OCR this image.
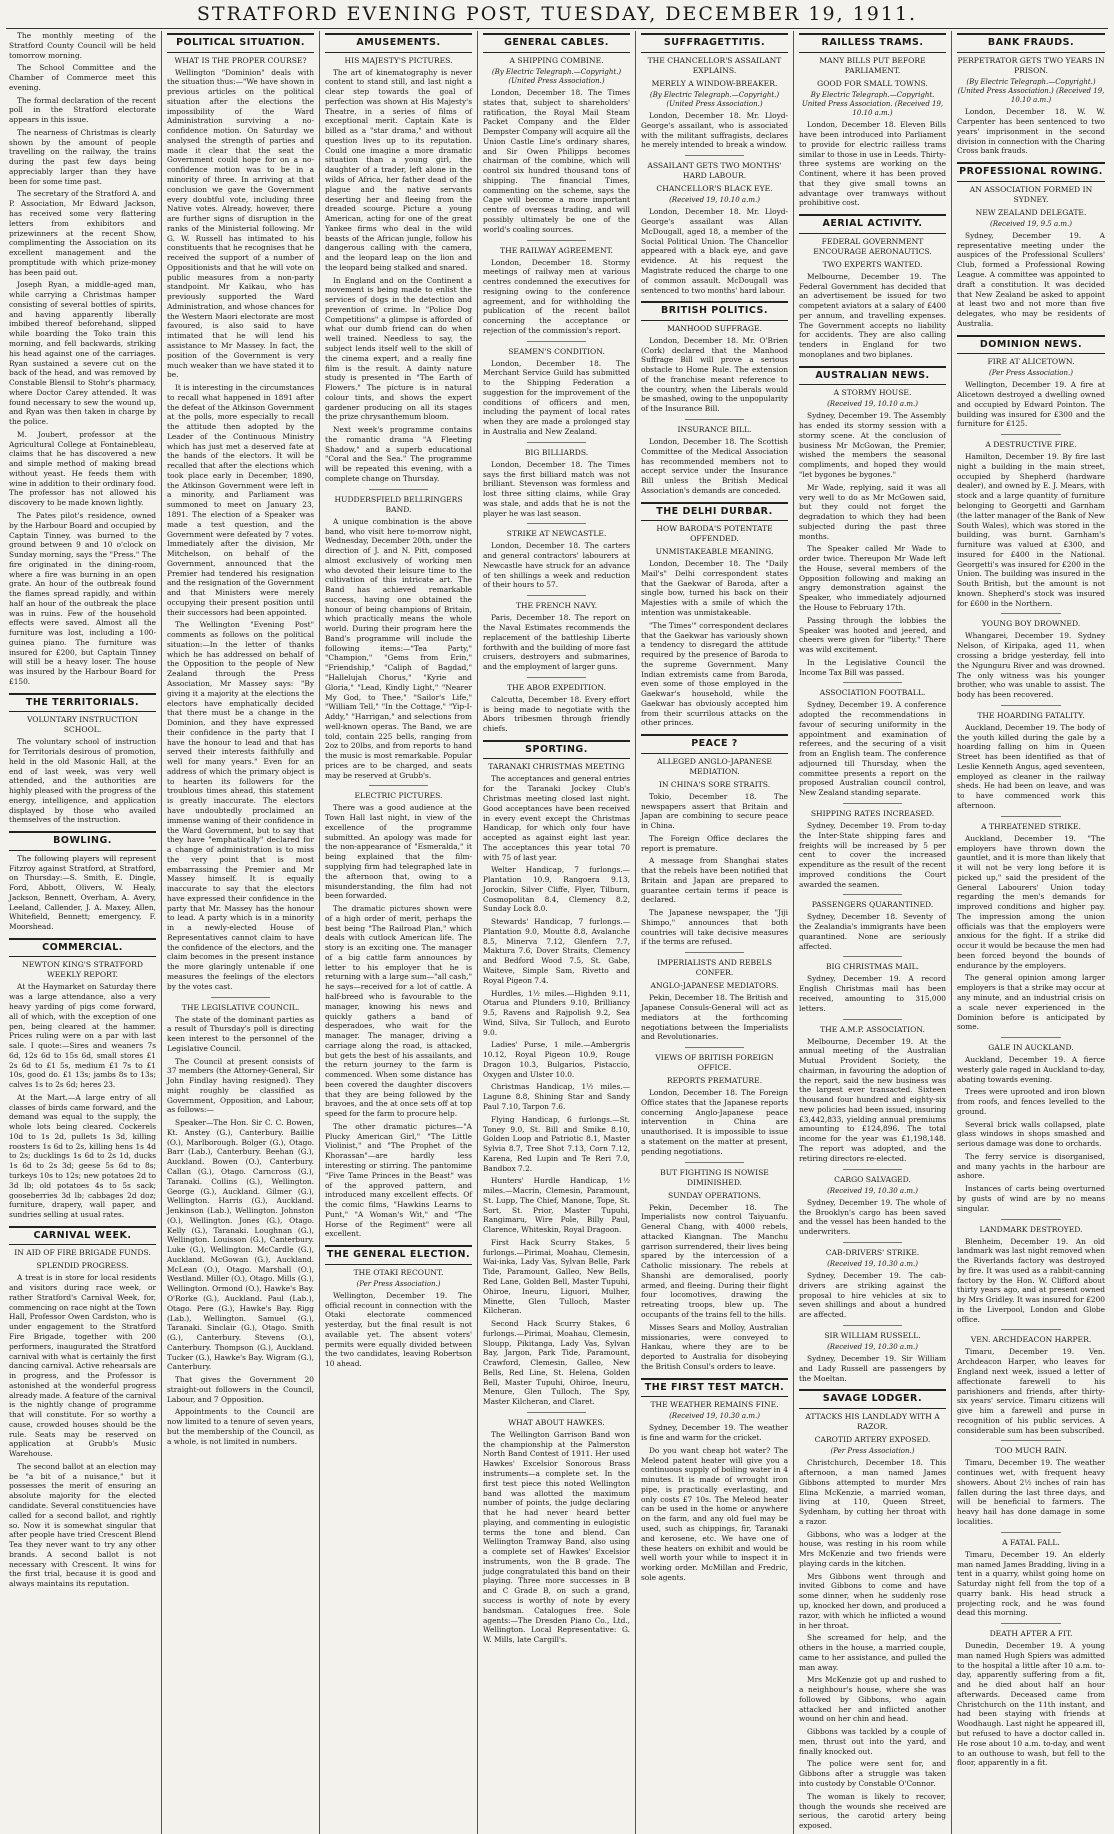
STRATFORD EVENING POST, TUESDAY, DECEMBER 19, 1911.

The monthly meeting of the Stratford County Council will be held tomorrow morning.

The School Committee and the Chamber of Commerce meet this evening.

The formal declaration of the recent poll in the Stratford electorate appears in this issue.

The nearness of Christmas is clearly shown by the amount of people travelling on the railway, the trains during the past few days being appreciably larger than they have been for some time past.

The secretary of the Stratford A. and P. Association, Mr Edward Jackson, has received some very flattering letters from exhibitors and prizewinners at the recent Show, complimenting the Association on its excellent management and the promptitude with which prize-money has been paid out.

Joseph Ryan, a middle-aged man, while carrying a Christmas hamper consisting of several bottles of spirits, and having apparently liberally imbibed thereof beforehand, slipped while boarding the Toko train this morning, and fell backwards, striking his head against one of the carriages. Ryan sustained a severe cut on the back of the head, and was removed by Constable Blensil to Stohr's pharmacy, where Doctor Carey attended. It was found necessary to sew the wound up, and Ryan was then taken in charge by the police.

M. Joubert, professor at the Agricultural College at Fontainebleau, claims that he has discovered a new and simple method of making bread without yeast. He feeds them with wine in addition to their ordinary food. The professor has not allowed his discovery to be made known lightly.

The Pates pilot's residence, owned by the Harbour Board and occupied by Captain Tinney, was burned to the ground between 9 and 10 o'clock on Sunday morning, says the "Press." The fire originated in the dining-room, where a fire was burning in an open grate. An hour of the outbreak found the flames spread rapidly, and within half an hour of the outbreak the place was in ruins. Few of the household effects were saved. Almost all the furniture was lost, including a 100-guinea piano. The furniture was insured for £200, but Captain Tinney will still be a heavy loser. The house was insured by the Harbour Board for £150.

THE TERRITORIALS.
VOLUNTARY INSTRUCTION SCHOOL.

The voluntary school of instruction for Territorials desirous of promotion, held in the old Masonic Hall, at the end of last week, was very well attended, and the authorities are highly pleased with the progress of the energy, intelligence, and application displayed by those who availed themselves of the instruction.

BOWLING.

The following players will represent Fitzroy against Stratford, at Stratford, on Thursday:—S. Smith, E. Dingle, Ford, Abbott, Olivers, W. Healy, Jackson, Bennett, Overham, A. Avery, Leeland, Callender, J. A. Maxey, Allen, Whitefield, Bennett; emergency, F. Moorshead.

COMMERCIAL.
NEWTON KING'S STRATFORD WEEKLY REPORT.

At the Haymarket on Saturday there was a large attendance, also a very heavy yarding of pigs come forward, all of which, with the exception of one pen, being cleared at the hammer. Prices ruling were on a par with last sale. I quote:—Sires and weaners 7s 6d, 12s 6d to 15s 6d, small stores £1 2s 6d to £1 5s, medium £1 7s to £1 10s, good do. £1 13s; jambs 8s to 13s; calves 1s to 2s 6d; heres 23.

At the Mart.—A large entry of all classes of birds came forward, and the demand was equal to the supply, the whole lots being cleared. Cockerels 10d to 1s 2d, pullets 1s 3d, killing roosters 1s 6d to 2s, killing hens 1s 4d to 2s; ducklings 1s 6d to 2s 1d, ducks 1s 6d to 2s 3d; geese 5s 6d to 8s; turkeys 10s to 12s; new potatoes 2d to 3d lb; old potatoes 4s to 5s sack; gooseberries 3d lb; cabbages 2d doz; furniture, drapery, wall paper, and sundries selling at usual rates.

CARNIVAL WEEK.
IN AID OF FIRE BRIGADE FUNDS.
SPLENDID PROGRESS.

A treat is in store for local residents and visitors during race week, or rather Stratford's Carnival Week, for, commencing on race night at the Town Hall, Professor Owen Cardston, who is under engagement to the Stratford Fire Brigade, together with 200 performers, inaugurated the Stratford carnival with what is certainly the first dancing carnival. Active rehearsals are in progress, and the Professor is astonished at the wonderful progress already made. A feature of the carnival is the nightly change of programme that will constitute. For so worthy a cause, crowded houses should be the rule. Seats may be reserved on application at Grubb's Music Warehouse.

The second ballot at an election may be "a bit of a nuisance," but it possesses the merit of ensuring an absolute majority for the elected candidate. Several constituencies have called for a second ballot, and rightly so. Now it is somewhat singular that after people have tried Crescent Blend Tea they never want to try any other brands. A second ballot is not necessary with Crescent. It wins for the first trial, because it is good and always maintains its reputation.

POLITICAL SITUATION.
WHAT IS THE PROPER COURSE?

Wellington "Dominion" deals with the situation thus:—"We have shown in previous articles on the political situation after the elections the impossibility of the Ward Administration surviving a no-confidence motion. On Saturday we analysed the strength of parties and made it clear that the seat the Government could hope for on a no-confidence motion was to be in a minority of three. In arriving at that conclusion we gave the Government every doubtful vote, including three Native votes. Already, however, there are further signs of disruption in the ranks of the Ministerial following. Mr G. W. Russell has intimated to his constituents that he recognises that he received the support of a number of Oppositionists and that he will vote on public measures from a non-party standpoint. Mr Kaikau, who has previously supported the Ward Administration, and whose chances for the Western Maori electorate are most favoured, is also said to have intimated that he will lend his assistance to Mr Massey. In fact, the position of the Government is very much weaker than we have stated it to be.

It is interesting in the circumstances to recall what happened in 1891 after the defeat of the Atkinson Government at the polls, more especially to recall the attitude then adopted by the Leader of the Continuous Ministry which has just met a deserved fate at the hands of the electors. It will be recalled that after the elections which took place early in December, 1890, the Atkinson Government were left in a minority, and Parliament was summoned to meet on January 23, 1891. The election of a Speaker was made a test question, and the Government were defeated by 7 votes. Immediately after the division, Mr Mitchelson, on behalf of the Government, announced that the Premier had tendered his resignation and the resignation of the Government and that Ministers were merely occupying their present position until their successors had been appointed.

The Wellington "Evening Post" comments as follows on the political situation:—In the letter of thanks which he has addressed on behalf of the Opposition to the people of New Zealand through the Press Association, Mr Massey says: "By giving it a majority at the elections the electors have emphatically decided that there must be a change in the Dominion, and they have expressed their confidence in the party that I have the honour to lead and that has served their interests faithfully and well for many years." Even for an address of which the primary object is to hearten its followers for the troublous times ahead, this statement is greatly inaccurate. The electors have undoubtedly proclaimed an immense waning of their confidence in the Ward Government, but to say that they have "emphatically" declared for a change of administration is to miss the very point that is most embarrassing the Premier and Mr Massey himself. It is equally inaccurate to say that the electors have expressed their confidence in the party that Mr. Massey has the honour to lead. A party which is in a minority in a newly-elected House of Representatives cannot claim to have the confidence of the electors, and the claim becomes in the present instance the more glaringly untenable if one measures the feelings of the electors by the votes cast.

THE LEGISLATIVE COUNCIL.

The state of the dominant parties as a result of Thursday's poll is directing keen interest to the personnel of the Legislative Council.

The Council at present consists of 37 members (the Attorney-General, Sir John Findlay having resigned). They might roughly be classified as Government, Opposition, and Labour, as follows:—

Speaker—The Hon. Sir C. C. Bowen, Kt. Anstey (G.), Canterbury. Baillie (O.), Marlborough. Bolger (G.), Otago. Barr (Lab.), Canterbury. Beehan (G.), Auckland. Bowen (O.), Canterbury. Callan (G.), Otago. Carncross (G.), Taranaki. Collins (G.), Wellington. George (G.), Auckland. Gilmer (G.), Wellington. Harris (G.), Auckland. Jenkinson (Lab.), Wellington. Johnston (O.), Wellington. Jones (G.), Otago. Kelly (G.), Taranaki. Loughnan (G.), Wellington. Louisson (G.), Canterbury. Luke (G.), Wellington. McCardle (G.), Auckland. McGowan (G.), Auckland. McLean (O.), Otago. Marshall (O.), Westland. Miller (O.), Otago. Mills (G.), Wellington. Ormond (O.), Hawke's Bay. O'Rorke (G.), Auckland. Paul (Lab.), Otago. Pere (G.), Hawke's Bay. Rigg (Lab.), Wellington. Samuel (G.), Taranaki. Sinclair (G.), Otago. Smith (G.), Canterbury. Stevens (O.), Canterbury. Thompson (G.), Auckland. Tucker (G.), Hawke's Bay. Wigram (G.), Canterbury.

That gives the Government 20 straight-out followers in the Council, Labour, and 7 Opposition.

Appointments to the Council are now limited to a tenure of seven years, but the membership of the Council, as a whole, is not limited in numbers.

AMUSEMENTS.
HIS MAJESTY'S PICTURES.

The art of kinematography is never content to stand still, and last night a clear step towards the goal of perfection was shown at His Majesty's Theatre, in a series of films of exceptional merit. Captain Kate is billed as a "star drama," and without question lives up to its reputation. Could one imagine a more dramatic situation than a young girl, the daughter of a trader, left alone in the wilds of Africa, her father dead of the plague and the native servants deserting her and fleeing from the dreaded scourge. Picture a young American, acting for one of the great Yankee firms who deal in the wild beasts of the African jungle, follow his dangerous calling with the camera, and the leopard leap on the lion and the leopard being stalked and snared.

In England and on the Continent a movement is being made to enlist the services of dogs in the detection and prevention of crime. In "Police Dog Competitions" a glimpse is afforded of what our dumb friend can do when well trained. Needless to say, the subject lends itself well to the skill of the cinema expert, and a really fine film is the result. A dainty nature study is presented in "The Earth of Flowers." The picture is in natural colour tints, and shows the expert gardener producing on all its stages the prize chrysanthemum bloom.

Next week's programme contains the romantic drama "A Fleeting Shadow," and a superb educational "Coral and the Sea." The programme will be repeated this evening, with a complete change on Thursday.

HUDDERSFIELD BELLRINGERS BAND.

A unique combination is the above band, who visit here to-morrow night, Wednesday, December 20th, under the direction of J. and N. Pitt, composed almost exclusively of working men who devoted their leisure time to the cultivation of this intricate art. The Band has achieved remarkable success, having one obtained the honour of being champions of Britain, which practically means the whole world. During their program here the Band's programme will include the following items:—"Tea Party," "Champion," "Gems from Erin," "Friendship," "Caliph of Bagdad," "Hallelujah Chorus," "Kyrie and Gloria," "Lead, Kindly Light," "Nearer My God, to Thee," "Sailor's Life," "William Tell," "In the Cottage," "Yip-I-Addy," "Harrigan," and selections from well-known operas. The Band, we are told, contain 225 bells, ranging from 2oz to 20lbs, and from reports to hand the music is most remarkable. Popular prices are to be charged, and seats may be reserved at Grubb's.

ELECTRIC PICTURES.

There was a good audience at the Town Hall last night, in view of the excellence of the programme submitted. An apology was made for the non-appearance of "Esmeralda," it being explained that the film-supplying firm had telegraphed late in the afternoon that, owing to a misunderstanding, the film had not been forwarded.

The dramatic pictures shown were of a high order of merit, perhaps the best being "The Railroad Plan," which deals with cutlock American life. The story is an exciting one. The manager of a big cattle farm announces by letter to his employer that he is returning with a large sum—"all cash," he says—received for a lot of cattle. A half-breed who is favourable to the manager, knowing his news and quickly gathers a band of desperadoes, who wait for the manager. The manager, driving a carriage along the road, is attacked, but gets the best of his assailants, and the return journey to the farm is commenced. When some distance has been covered the daughter discovers that they are being followed by the bravoes, and the at once sets off at top speed for the farm to procure help.

The other dramatic pictures—"A Plucky American Girl," "The Little Violinist," and "The Prophet of the Khorassan"—are hardly less interesting or stirring. The pantomime "Five Tame Princes in the Beast" was of the approved pattern, and introduced many excellent effects. Of the comic films, "Hawkins Learns to Punt," "A Woman's Wit," and "The Horse of the Regiment" were all excellent.

THE GENERAL ELECTION.
THE OTAKI RECOUNT.
(Per Press Association.)

Wellington, December 19. The official recount in connection with the Otaki electorate commenced yesterday, but the final result is not available yet. The absent voters' permits were equally divided between the two candidates, leaving Robertson 10 ahead.

GENERAL CABLES.
A SHIPPING COMBINE.
(By Electric Telegraph.—Copyright.) (United Press Association.)

London, December 18. The Times states that, subject to shareholders' ratification, the Royal Mail Steam Packet Company and the Elder Dempster Company will acquire all the Union Castle Line's ordinary shares, and Sir Owen Philipps becomes chairman of the combine, which will control six hundred thousand tons of shipping. The financial Times, commenting on the scheme, says the Cape will become a more important centre of overseas trading, and will possibly ultimately be one of the world's coaling sources.

THE RAILWAY AGREEMENT.

London, December 18. Stormy meetings of railway men at various centres condemned the executives for resigning owing to the conference agreement, and for withholding the publication of the recent ballot concerning the acceptance or rejection of the commission's report.

SEAMEN'S CONDITION.

London, December 18. The Merchant Service Guild has submitted to the Shipping Federation a suggestion for the improvement of the conditions of officers and men, including the payment of local rates when they are made a prolonged stay in Australia and New Zealand.

BIG BILLIARDS.

London, December 18. The Times says the first billiard match was not brilliant. Stevenson was formless and lost three sitting claims, while Gray was stale, and adds that he is not the player he was last season.

STRIKE AT NEWCASTLE.

London, December 18. The carters and general contractors' labourers at Newcastle have struck for an advance of ten shillings a week and reduction of their hours to 57.

THE FRENCH NAVY.

Paris, December 18. The report on the Naval Estimates recommends the replacement of the battleship Liberte forthwith and the building of more fast cruisers, destroyers and submarines, and the employment of larger guns.

THE ABOR EXPEDITION.

Calcutta, December 18. Every effort is being made to negotiate with the Abors tribesmen through friendly chiefs.

SPORTING.
TARANAKI CHRISTMAS MEETING

The acceptances and general entries for the Taranaki Jockey Club's Christmas meeting closed last night. Good acceptances have been received in every event except the Christmas Handicap, for which only four have accepted as against eight last year. The acceptances this year total 70 with 75 of last year.

Welter Handicap, 7 furlongs.—Plantation 10.9, Rangoera 9.13, Jorockin, Silver Cliffe, Flyer, Tilburn, Cosmopolitan 8.4, Clemency 8.2, Sunday Lock 8.0.

Stewards' Handicap, 7 furlongs.—Plantation 9.0, Moutte 8.8, Avalanche 8.5, Minerva 7.12, Glenfern 7.7, Maktura 7.6, Dover Straits, Clemency and Bedford Wood 7.5, St. Gabe, Waiteve, Simple Sam, Rivetto and Royal Pigeon 7.4.

Hurdles, 1½ miles.—Highden 9.11, Otarua and Plunders 9.10, Brilliancy 9.5, Ravens and Rajpolish 9.2, Sea Wind, Silva, Sir Tulloch, and Euroto 9.0.

Ladies' Purse, 1 mile.—Ambergris 10.12, Royal Pigeon 10.9, Rouge Dragon 10.3, Bulgarios, Pistaccio, Oxygen and Ulster 10.0.

Christmas Handicap, 1½ miles.—Lagune 8.8, Shining Star and Sandy Paul 7.10, Tarpon 7.6.

Flying Handicap, 6 furlongs.—St. Toney 9.0, St. Bill and Smike 8.10, Golden Loop and Patriotic 8.1, Master Sylvia 8.7, Tree Shot 7.13, Corn 7.12, Karena, Red Lupin and Te Reri 7.0, Bandbox 7.2.

Hunters' Hurdle Handicap, 1½ miles.—Macrin, Clemesin, Paramount, St. Lupp, The Chief, Manone, Tope, St. Sort, St. Prior, Master Tupuhi, Rangimaru, Wire Pole, Billy Paul, Clarence, Whiteskin, Royal Dragoon.

First Hack Scurry Stakes, 5 furlongs.—Pirimai, Moahau, Clemesin, Wai-inka, Lady Vas, Sylvan Belle, Park Tide, Paramount, Galleo, New Bells, Red Lane, Golden Bell, Master Tupuhi, Ohiroe, Ineuru, Liguori, Mulher, Minette, Glen Tulloch, Master Kilcheran.

Second Hack Scurry Stakes, 6 furlongs.—Pirimai, Moahau, Clemesin, Sloupp, Pikitanga, Lady Vas, Sylvan Bay, Jargon, Park Tide, Paramount, Crawford, Clemesin, Galleo, New Bells, Red Line, St. Helena, Golden Bell, Master Tupuhi, Ohiroe, Ineuru, Menure, Glen Tulloch, The Spy, Master Kilcheran, and Claret.

WHAT ABOUT HAWKES.

The Wellington Garrison Band won the championship at the Palmerston North Band Contest of 1911. Her used Hawkes' Excelsior Sonorous Brass instruments—a complete set. In the first test piece this noted Wellington band was allotted the maximum number of points, the judge declaring that he had never heard better playing, and commenting in eulogistic terms the tone and blend. Can Wellington Tramway Band, also using a complete set of Hawkes' Excelsior instruments, won the B grade. The judge congratulated this band on their playing. Three more successes in B and C Grade B, on such a grand, success is worthy of note by every bandsman. Catalogues free. Sole agents:—The Dresden Piano Co., Ltd., Wellington. Local Representative: G. W. Mills, late Cargill's.

SUFFRAGETTITIS.
THE CHANCELLOR'S ASSAILANT EXPLAINS.
MERELY A WINDOW-BREAKER.
(By Electric Telegraph.—Copyright.) (United Press Association.)

London, December 18. Mr. Lloyd-George's assailant, who is associated with the militant suffragists, declares he merely intended to break a window.

ASSAILANT GETS TWO MONTHS' HARD LABOUR.
CHANCELLOR'S BLACK EYE.
(Received 19, 10.10 a.m.)

London, December 18. Mr. Lloyd-George's assailant was Allan McDougall, aged 18, a member of the Social Political Union. The Chancellor appeared with a black eye, and gave evidence. At his request the Magistrate reduced the charge to one of common assault. McDougall was sentenced to two months' hard labour.

BRITISH POLITICS.
MANHOOD SUFFRAGE.

London, December 18. Mr. O'Brien (Cork) declared that the Manhood Suffrage Bill will prove a serious obstacle to Home Rule. The extension of the franchise meant reference to the country, when the Liberals would be smashed, owing to the unpopularity of the Insurance Bill.

INSURANCE BILL.

London, December 18. The Scottish Committee of the Medical Association has recommended members not to accept service under the Insurance Bill unless the British Medical Association's demands are conceded.

THE DELHI DURBAR.
HOW BARODA'S POTENTATE OFFENDED.
UNMISTAKEABLE MEANING.

London, December 18. The "Daily Mail's" Delhi correspondent states that the Gaekwar of Baroda, after a single bow, turned his back on their Majesties with a smile of which the intention was unmistakeable.

"The Times'" correspondent declares that the Gaekwar has variously shown a tendency to disregard the attitude required by the presence of Baroda to the supreme Government. Many Indian extremists came from Baroda, even some of those employed in the Gaekwar's household, while the Gaekwar has obviously accepted him from their scurrilous attacks on the other princes.

PEACE ?
ALLEGED ANGLO-JAPANESE MEDIATION.
IN CHINA'S SORE STRAITS.

Tokio, December 18. The newspapers assert that Britain and Japan are combining to secure peace in China.

The Foreign Office declares the report is premature.

A message from Shanghai states that the rebels have been notified that Britain and Japan are prepared to guarantee certain terms if peace is declared.

The Japanese newspaper, the "Jiji Shimpo," announces that both countries will take decisive measures if the terms are refused.

IMPERIALISTS AND REBELS CONFER.
ANGLO-JAPANESE MEDIATORS.

Pekin, December 18. The British and Japanese Consuls-General will act as mediators at the forthcoming negotiations between the Imperialists and Revolutionaries.

VIEWS OF BRITISH FOREIGN OFFICE.
REPORTS PREMATURE.

London, December 18. The Foreign Office states that the Japanese reports concerning Anglo-Japanese peace intervention in China are unauthorised. It is impossible to issue a statement on the matter at present, pending negotiations.

BUT FIGHTING IS NOWISE DIMINISHED.
SUNDAY OPERATIONS.

Pekin, December 18. The Imperialists now control Taiyuanfu. General Chang, with 4000 rebels, attacked Kiangnan. The Manchu garrison surrendered, their lives being spared by the intercession of a Catholic missionary. The rebels at Shanshi are demoralised, poorly armed, and fleeing. During their flight four locomotives, drawing the retreating troops, blew up. The occupants of the trains fell to the hills.

Misses Sears and Molloy, Australian missionaries, were conveyed to Hankau, where they are to be deported to Australia for disobeying the British Consul's orders to leave.

THE FIRST TEST MATCH.
THE WEATHER REMAINS FINE.
(Received 19, 10.30 a.m.)

Sydney, December 19. The weather is fine and warm for the cricket.

Do you want cheap hot water? The Meleod patent heater will give you a continuous supply of boiling water in 4 minutes. It is made of wrought iron pipe, is practically everlasting, and only costs £7 10s. The Meleod heater can be used in the home or anywhere on the farm, and any old fuel may be used, such as chippings, fir, Taranaki and kerosene, etc. We have one of these heaters on exhibit and would be well worth your while to inspect it in working order. McMillan and Fredric, sole agents.

RAILLESS TRAMS.
MANY BILLS PUT BEFORE PARLIAMENT.
GOOD FOR SMALL TOWNS.
By Electric Telegraph.—Copyright. United Press Association. (Received 19, 10.10 a.m.)

London, December 18. Eleven Bills have been introduced into Parliament to provide for electric railless trams similar to those in use in Leeds. Thirty-three systems are working on the Continent, where it has been proved that they give small towns an advantage over tramways without prohibitive cost.

AERIAL ACTIVITY.
FEDERAL GOVERNMENT ENCOURAGE AERONAUTICS.
TWO EXPERTS WANTED.

Melbourne, December 19. The Federal Government has decided that an advertisement be issued for two competent aviators at a salary of £400 per annum, and travelling expenses. The Government accepts no liability for accidents. They are also calling tenders in England for two monoplanes and two biplanes.

AUSTRALIAN NEWS.
A STORMY HOUSE.
(Received 19, 10.10 a.m.)

Sydney, December 19. The Assembly has ended its stormy session with a stormy scene. At the conclusion of business Mr McGowan, the Premier, wished the members the seasonal compliments, and hoped they would "let bygones be bygones."

Mr Wade, replying, said it was all very well to do as Mr McGowen said, but they could not forget the degradation to which they had been subjected during the past three months.

The Speaker called Mr Wade to order twice. Thereupon Mr Wade left the House, several members of the Opposition following and making an angry demonstration against the Speaker, who immediately adjourned the House to February 17th.

Passing through the lobbies the Speaker was hooted and jeered, and cheers were given for "liberty." There was wild excitement.

In the Legislative Council the Income Tax Bill was passed.

ASSOCIATION FOOTBALL.

Sydney, December 19. A conference adopted the recommendations in favour of securing uniformity in the appointment and examination of referees, and the securing of a visit from an English team. The conference adjourned till Thursday, when the committee presents a report on the proposed Australian council control, New Zealand standing separate.

SHIPPING RATES INCREASED.

Sydney, December 19. From to-day the Inter-State shipping fares and freights will be increased by 5 per cent to cover the increased expenditure as the result of the recent improved conditions the Court awarded the seamen.

PASSENGERS QUARANTINED.

Sydney, December 18. Seventy of the Zealandia's immigrants have been quarantined. None are seriously affected.

BIG CHRISTMAS MAIL.

Sydney, December 19. A record English Christmas mail has been received, amounting to 315,000 letters.

THE A.M.P. ASSOCIATION.

Melbourne, December 19. At the annual meeting of the Australian Mutual Provident Society, the chairman, in favouring the adoption of the report, said the new business was the largest ever transacted. Sixteen thousand four hundred and eighty-six new policies had been issued, insuring £3,442,833, yielding annual premiums amounting to £124,896. The total income for the year was £1,198,148. The report was adopted, and the retiring directors re-elected.

CARGO SALVAGED.
(Received 19, 10.30 a.m.)

Sydney, December 19. The whole of the Brooklyn's cargo has been saved and the vessel has been handed to the underwriters.

CAB-DRIVERS' STRIKE.
(Received 19, 10.30 a.m.)

Sydney, December 19. The cab-drivers are striking against the proposal to hire vehicles at six to seven shillings and about a hundred are affected.

SIR WILLIAM RUSSELL.
(Received 19, 10.30 a.m.)

Sydney, December 19. Sir William and Lady Russell are passengers by the Moeltan.

SAVAGE LODGER.
ATTACKS HIS LANDLADY WITH A RAZOR.
CAROTID ARTERY EXPOSED.
(Per Press Association.)

Christchurch, December 18. This afternoon, a man named James Gibbons attempted to murder Mrs Elina McKenzie, a married woman, living at 110, Queen Street, Sydenham, by cutting her throat with a razor.

Gibbons, who was a lodger at the house, was resting in his room while Mrs McKenzie and two friends were playing cards in the kitchen.

Mrs Gibbons went through and invited Gibbons to come and have some dinner, when he suddenly rose up, knocked her down, and produced a razor, with which he inflicted a wound in her throat.

She screamed for help, and the others in the house, a married couple, came to her assistance, and pulled the man away.

Mrs McKenzie got up and rushed to a neighbour's house, where she was followed by Gibbons, who again attacked her and inflicted another wound on her chin and head.

Gibbons was tackled by a couple of men, thrust out into the yard, and finally knocked out.

The police were sent for, and Gibbons after a struggle was taken into custody by Constable O'Connor.

The woman is likely to recover, though the wounds she received are serious, the carotid artery being exposed.

BANK FRAUDS.
PERPETRATOR GETS TWO YEARS IN PRISON.
(By Electric Telegraph.—Copyright.) (United Press Association.) (Received 19, 10.10 a.m.)

London, December 18. W. W. Carpenter has been sentenced to two years' imprisonment in the second division in connection with the Charing Cross bank frauds.

PROFESSIONAL ROWING.
AN ASSOCIATION FORMED IN SYDNEY.
NEW ZEALAND DELEGATE.
(Received 19, 9.5 a.m.)

Sydney, December 19. A representative meeting under the auspices of the Professional Scullers' Club, formed a Professional Rowing League. A committee was appointed to draft a constitution. It was decided that New Zealand be asked to appoint at least two and not more than five delegates, who may be residents of Australia.

DOMINION NEWS.
FIRE AT ALICETOWN.
(Per Press Association.)

Wellington, December 19. A fire at Alicetown destroyed a dwelling owned and occupied by Edward Pointon. The building was insured for £300 and the furniture for £125.

A DESTRUCTIVE FIRE.

Hamilton, December 19. By fire last night a building in the main street, occupied by Shepherd (hardware dealer), and owned by E. J. Mears, with stock and a large quantity of furniture belonging to Georgetti and Garnham (the latter manager of the Bank of New South Wales), which was stored in the building, was burnt. Garnham's furniture was valued at £300, and insured for £400 in the National. Georgetti's was insured for £200 in the Union. The building was insured in the South British, but the amount is not known. Shepherd's stock was insured for £600 in the Northern.

YOUNG BOY DROWNED.

Whangarei, December 19. Sydney Nelson, of Kiripaka, aged 11, when crossing a bridge yesterday, fell into the Ngunguru River and was drowned. The only witness was his younger brother, who was unable to assist. The body has been recovered.

THE HOARDING FATALITY.

Auckland, December 19. The body of the youth killed during the gale by a hoarding falling on him in Queen Street has been identified as that of Leslie Kenneth Angus, aged seventeen, employed as cleaner in the railway sheds. He had been on leave, and was to have commenced work this afternoon.

A THREATENED STRIKE.

Auckland, December 19. "The employers have thrown down the gauntlet, and it is more than likely that it will not be very long before it is picked up," said the president of the General Labourers' Union today regarding the men's demands for improved conditions and higher pay. The impression among the union officials was that the employers were anxious for the fight. If a strike did occur it would be because the men had been forced beyond the bounds of endurance by the employers.

The general opinion among larger employers is that a strike may occur at any minute, and an industrial crisis on a scale never experienced in the Dominion before is anticipated by some.

GALE IN AUCKLAND.

Auckland, December 19. A fierce westerly gale raged in Auckland to-day, abating towards evening.

Trees were uprooted and iron blown from roofs, and fences levelled to the ground.

Several brick walls collapsed, plate glass windows in shops smashed and serious damage was done to orchards.

The ferry service is disorganised, and many yachts in the harbour are ashore.

Instances of carts being overturned by gusts of wind are by no means singular.

LANDMARK DESTROYED.

Blenheim, December 19. An old landmark was last night removed when the Riverlands factory was destroyed by fire. It was used as a rabbit-canning factory by the Hon. W. Clifford about thirty years ago, and at present owned by Mrs Gridley. It was insured for £200 in the Liverpool, London and Globe office.

VEN. ARCHDEACON HARPER.

Timaru, December 19. Ven. Archdeacon Harper, who leaves for England next week, issued a letter of affectionate farewell to his parishioners and friends, after thirty-six years' service. Timaru citizens will give him a farewell and purse in recognition of his public services. A considerable sum has been subscribed.

TOO MUCH RAIN.

Timaru, December 19. The weather continues wet, with frequent heavy showers. About 2½ inches of rain has fallen during the last three days, and will be beneficial to farmers. The heavy hail has done damage in some localities.

A FATAL FALL.

Timaru, December 19. An elderly man named James Bradding, living in a tent in a quarry, whilst going home on Saturday night fell from the top of a quarry bank. His head struck a projecting rock, and he was found dead this morning.

DEATH AFTER A FIT.

Dunedin, December 19. A young man named Hugh Spiers was admitted to the hospital a little after 10 a.m. to-day, apparently suffering from a fit, and he died about half an hour afterwards. Deceased came from Christchurch on the 11th instant, and had been staying with friends at Woodhaugh. Last night he appeared ill, but refused to have a doctor called in. He rose about 10 a.m. to-day, and went to an outhouse to wash, but fell to the floor, apparently in a fit.
